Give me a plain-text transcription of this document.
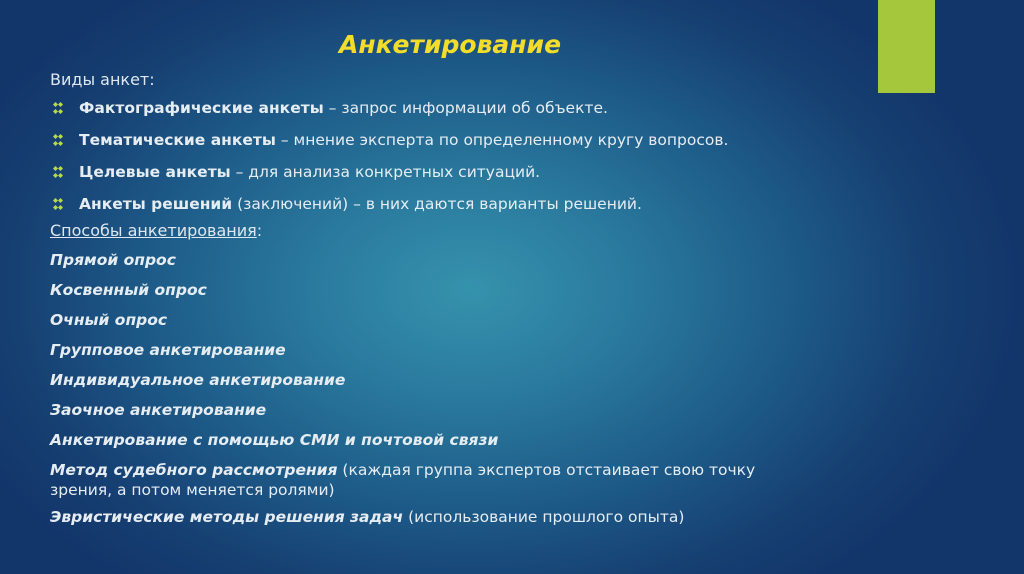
Анкетирование
Виды анкет:
Фактографические анкеты – запрос информации об объекте.
Тематические анкеты – мнение эксперта по определенному кругу вопросов.
Целевые анкеты – для анализа конкретных ситуаций.
Анкеты решений (заключений) – в них даются варианты решений.
Способы анкетирования:
Прямой опрос
Косвенный опрос
Очный опрос
Групповое анкетирование
Индивидуальное анкетирование
Заочное анкетирование
Анкетирование с помощью СМИ и почтовой связи
Метод судебного рассмотрения (каждая группа экспертов отстаивает свою точку
зрения, а потом меняется ролями)
Эвристические методы решения задач (использование прошлого опыта)
